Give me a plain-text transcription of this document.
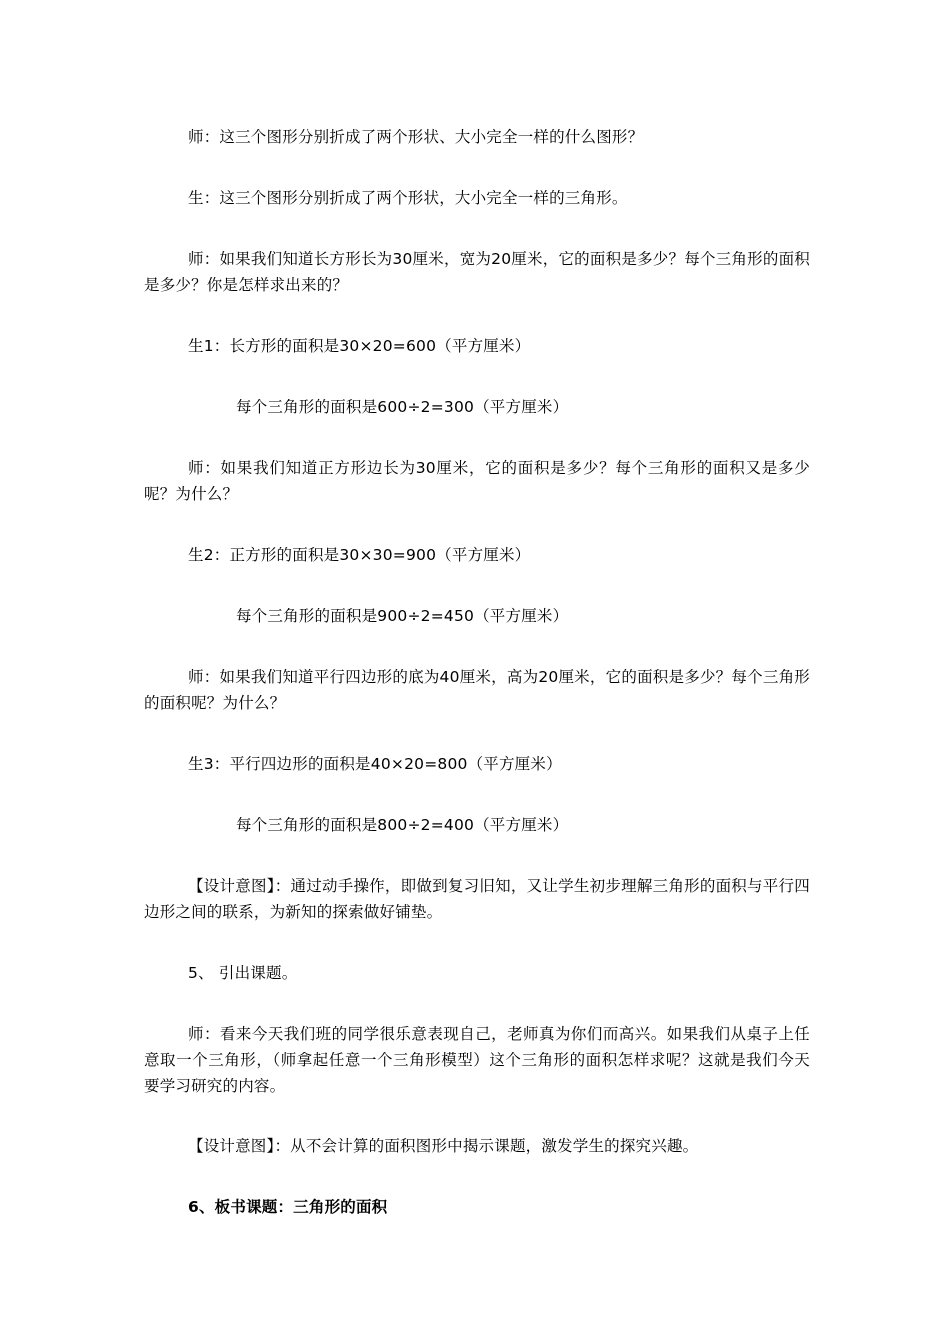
师：这三个图形分别折成了两个形状、大小完全一样的什么图形？

生：这三个图形分别折成了两个形状，大小完全一样的三角形。

师：如果我们知道长方形长为30厘米，宽为20厘米，它的面积是多少？每个三角形的面积是多少？你是怎样求出来的？

生1：长方形的面积是30×20=600（平方厘米）

每个三角形的面积是600÷2=300（平方厘米）

师：如果我们知道正方形边长为30厘米，它的面积是多少？每个三角形的面积又是多少呢？为什么？

生2：正方形的面积是30×30=900（平方厘米）

每个三角形的面积是900÷2=450（平方厘米）

师：如果我们知道平行四边形的底为40厘米，高为20厘米，它的面积是多少？每个三角形的面积呢？为什么？

生3：平行四边形的面积是40×20=800（平方厘米）

每个三角形的面积是800÷2=400（平方厘米）

【设计意图】：通过动手操作，即做到复习旧知，又让学生初步理解三角形的面积与平行四边形之间的联系，为新知的探索做好铺垫。

5、 引出课题。

师：看来今天我们班的同学很乐意表现自己，老师真为你们而高兴。如果我们从桌子上任意取一个三角形，（师拿起任意一个三角形模型）这个三角形的面积怎样求呢？这就是我们今天要学习研究的内容。

【设计意图】：从不会计算的面积图形中揭示课题，激发学生的探究兴趣。

6、板书课题：三角形的面积
